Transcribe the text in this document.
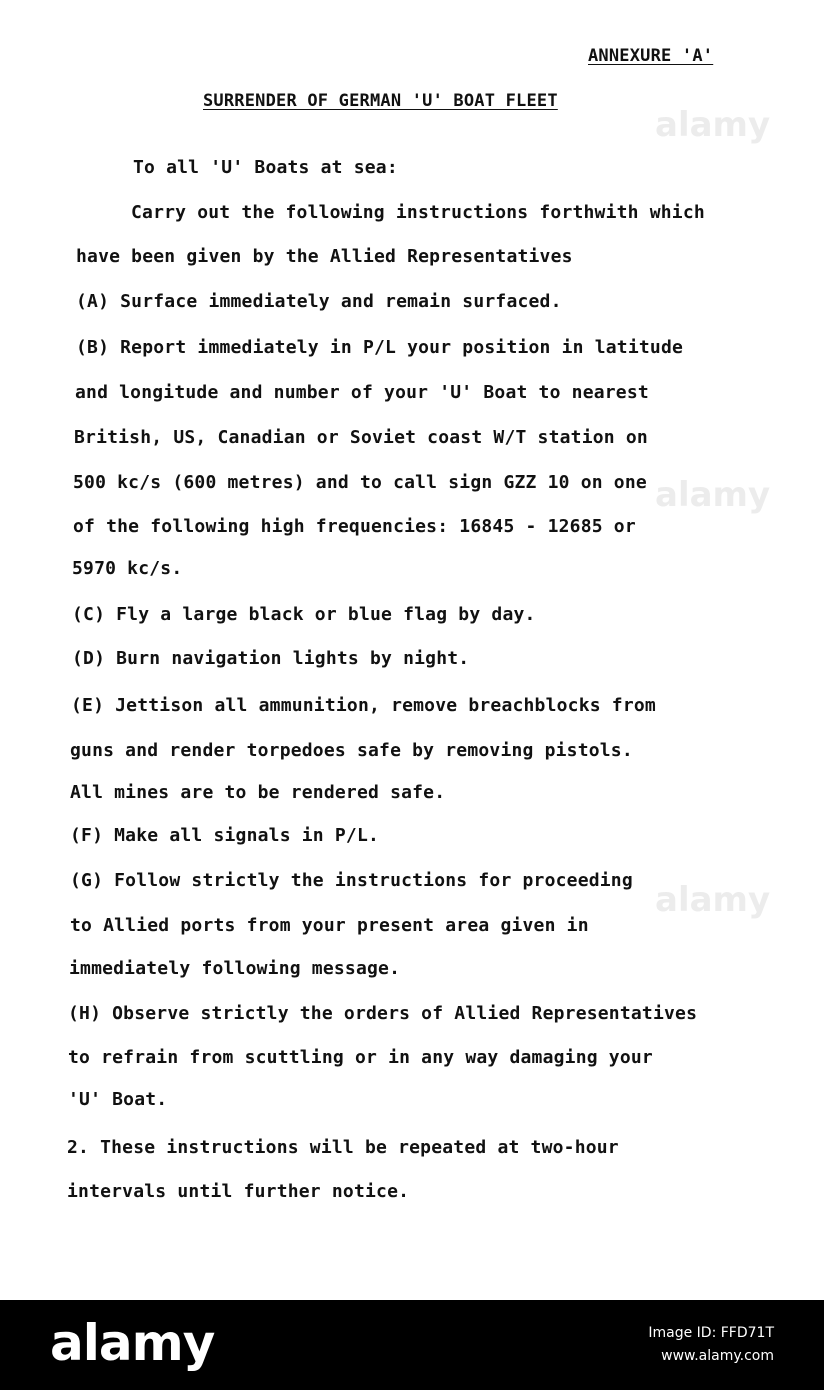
alamy
alamy
alamy
ANNEXURE 'A'
SURRENDER OF GERMAN 'U' BOAT FLEET
To all 'U' Boats at sea:
Carry out the following instructions forthwith which
have been given by the Allied Representatives
(A) Surface immediately and remain surfaced.
(B) Report immediately in P/L your position in latitude
and longitude and number of your 'U' Boat to nearest
British, US, Canadian or Soviet coast W/T station on
500 kc/s (600 metres) and to call sign GZZ 10 on one
of the following high frequencies: 16845 - 12685 or
5970 kc/s.
(C) Fly a large black or blue flag by day.
(D) Burn navigation lights by night.
(E) Jettison all ammunition, remove breachblocks from
guns and render torpedoes safe by removing pistols.
All mines are to be rendered safe.
(F) Make all signals in P/L.
(G) Follow strictly the instructions for proceeding
to Allied ports from your present area given in
immediately following message.
(H) Observe strictly the orders of Allied Representatives
to refrain from scuttling or in any way damaging your
'U' Boat.
2. These instructions will be repeated at two-hour
intervals until further notice.
alamy	Image ID: FFD71T
www.alamy.com
